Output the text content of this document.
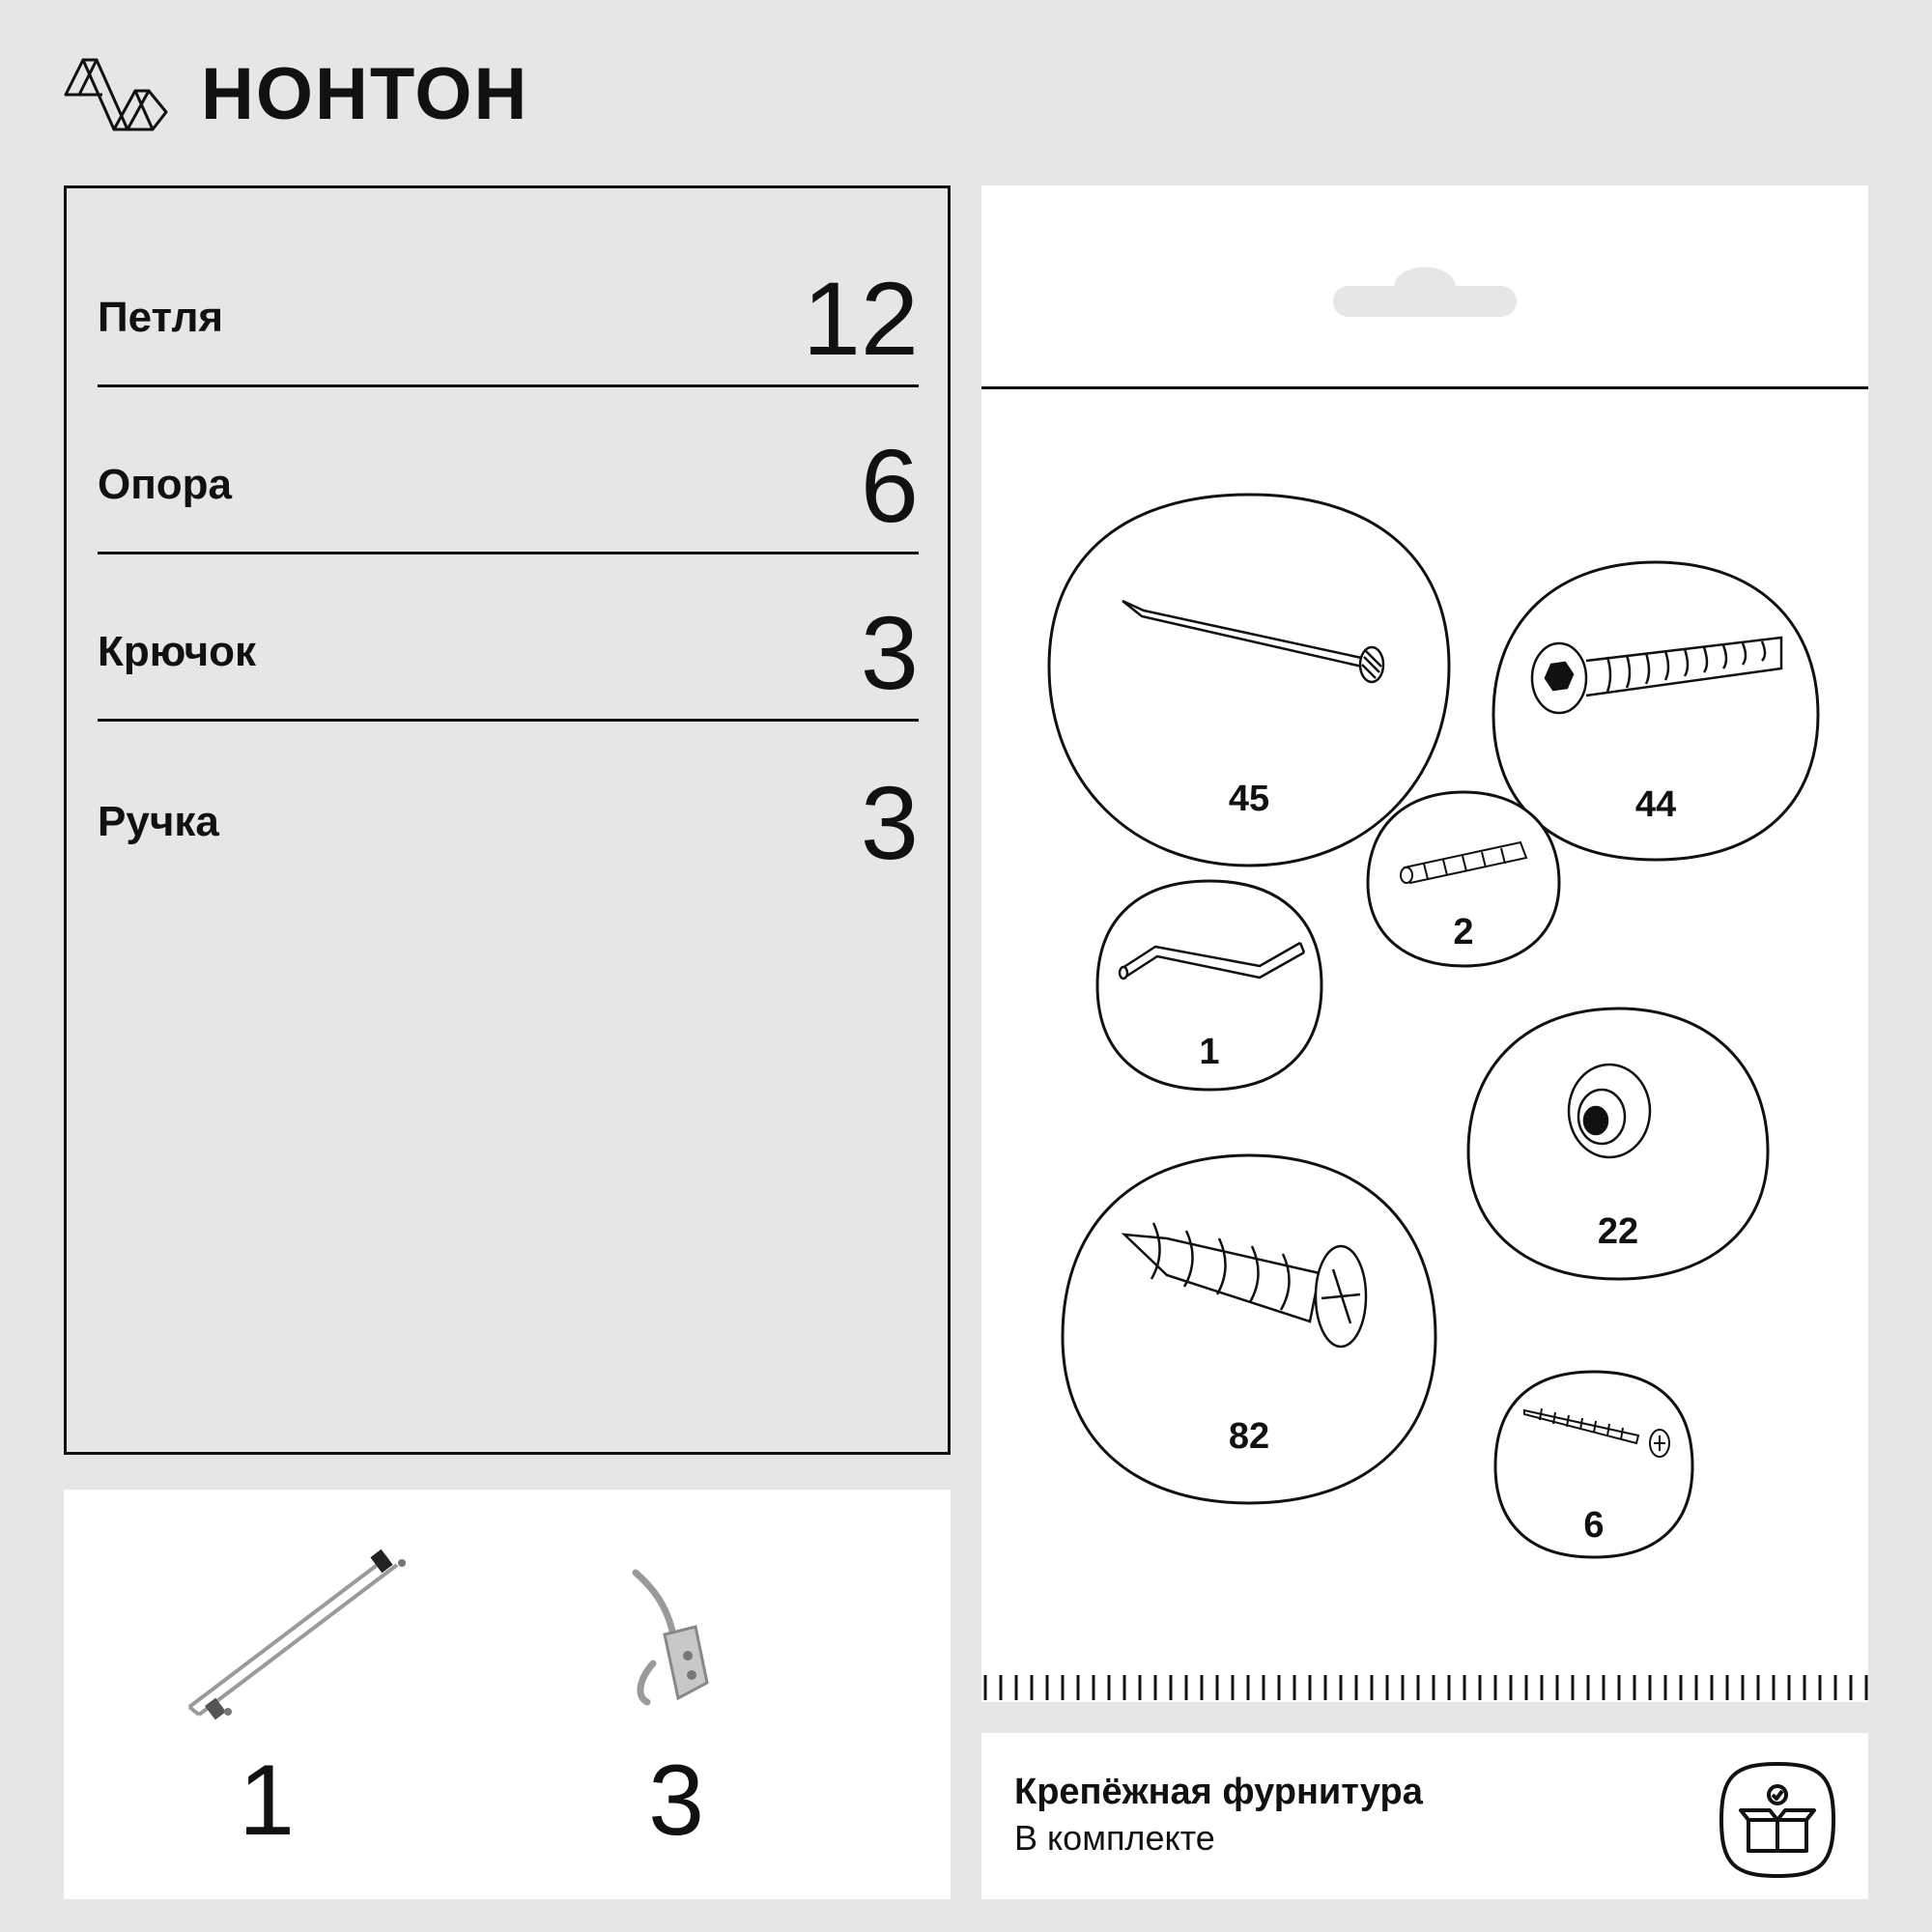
НОНТОН
Петля	12
Опора	6
Крючок	3
Ручка	3
1	3
45	44
2
1
22
82
6
Крепёжная фурнитура
В комплекте
